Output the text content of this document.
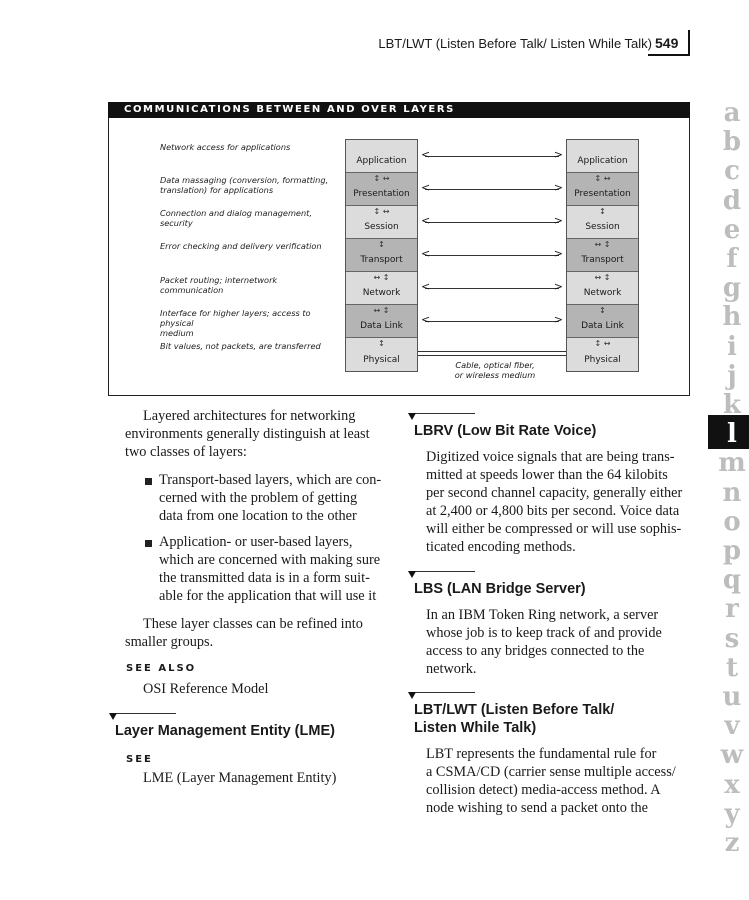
LBT/LWT (Listen Before Talk/ Listen While Talk) 549
a
b
c
d
e
f
g
h
i
j
k
l
m
n
o
p
q
r
s
t
u
v
w
x
y
z
COMMUNICATIONS BETWEEN AND OVER LAYERS
Network access for applications
Data massaging (conversion, formatting,
translation) for applications
Connection and dialog management,
security
Error checking and delivery verification
Packet routing; internetwork
communication
Interface for higher layers; access to physical
medium
Bit values, not packets, are transferred
Application
↕ ↔
Presentation
↕ ↔
Session
↕
Transport
↔ ↕
Network
↔ ↕
Data Link
↕
Physical
Application
↕ ↔
Presentation
↕
Session
↔ ↕
Transport
↔ ↕
Network
↕
Data Link
↕ ↔
Physical
< >
< >
< >
< >
< >
< >
Cable, optical fiber,
or wireless medium
Layered architectures for networking
environments generally distinguish at least
two classes of layers:
Transport-based layers, which are con-
cerned with the problem of getting
data from one location to the other
Application- or user-based layers,
which are concerned with making sure
the transmitted data is in a form suit-
able for the application that will use it
These layer classes can be refined into
smaller groups.
SEE ALSO
OSI Reference Model
Layer Management Entity (LME)
SEE
LME (Layer Management Entity)
LBRV (Low Bit Rate Voice)
Digitized voice signals that are being trans-
mitted at speeds lower than the 64 kilobits
per second channel capacity, generally either
at 2,400 or 4,800 bits per second. Voice data
will either be compressed or will use sophis-
ticated encoding methods.
LBS (LAN Bridge Server)
In an IBM Token Ring network, a server
whose job is to keep track of and provide
access to any bridges connected to the
network.
LBT/LWT (Listen Before Talk/
Listen While Talk)
LBT represents the fundamental rule for
a CSMA/CD (carrier sense multiple access/
collision detect) media-access method. A
node wishing to send a packet onto the
